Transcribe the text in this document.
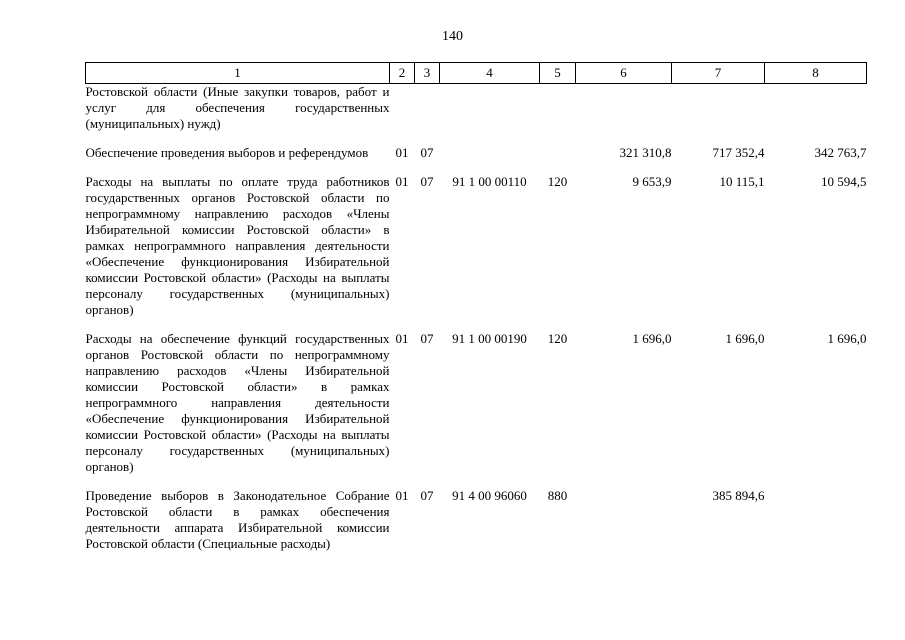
140
1	2	3	4	5	6	7	8
Ростовской области (Иные закупки товаров, работ и услуг для обеспечения государственных (муниципальных) нужд)							

Обеспечение проведения выборов и референдумов	01	07			321 310,8	717 352,4	342 763,7

Расходы на выплаты по оплате труда работников государственных органов Ростовской области по непрограммному направлению расходов «Члены Избирательной комиссии Ростовской области» в рамках непрограммного направления деятельности «Обеспечение функционирования Избирательной комиссии Ростовской области» (Расходы на выплаты персоналу государственных (муниципальных) органов)	01	07	91 1 00 00110	120	9 653,9	10 115,1	10 594,5

Расходы на обеспечение функций государственных органов Ростовской области по непрограммному направлению расходов «Члены Избирательной комиссии Ростовской области» в рамках непрограммного направления деятельности «Обеспечение функционирования Избирательной комиссии Ростовской области» (Расходы на выплаты персоналу государственных (муниципальных) органов)	01	07	91 1 00 00190	120	1 696,0	1 696,0	1 696,0

Проведение выборов в Законодательное Собрание Ростовской области в рамках обеспечения деятельности аппарата Избирательной комиссии Ростовской области (Специальные расходы)	01	07	91 4 00 96060	880		385 894,6	
